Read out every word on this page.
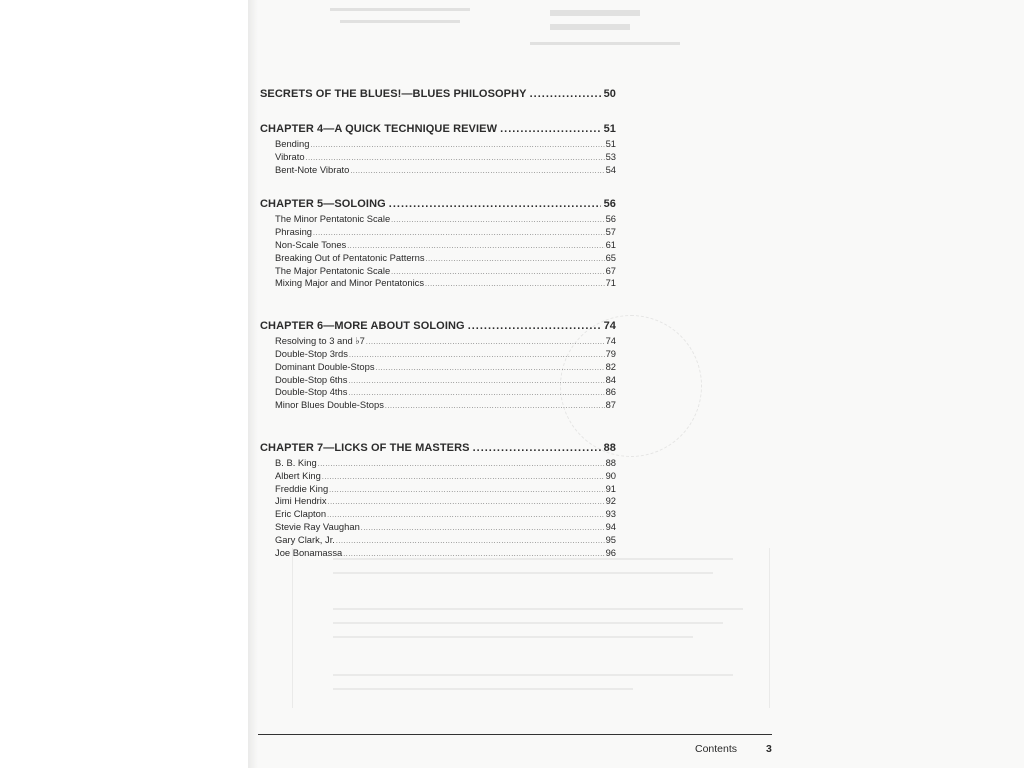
SECRETS OF THE BLUES!—BLUES PHILOSOPHY .....	50
CHAPTER 4—A QUICK TECHNIQUE REVIEW .....	51
Bending .....	51
Vibrato .....	53
Bent-Note Vibrato .....	54
CHAPTER 5—SOLOING .....	56
The Minor Pentatonic Scale .....	56
Phrasing .....	57
Non-Scale Tones .....	61
Breaking Out of Pentatonic Patterns .....	65
The Major Pentatonic Scale .....	67
Mixing Major and Minor Pentatonics .....	71
CHAPTER 6—MORE ABOUT SOLOING .....	74
Resolving to 3 and ♭7 .....	74
Double-Stop 3rds .....	79
Dominant Double-Stops .....	82
Double-Stop 6ths .....	84
Double-Stop 4ths .....	86
Minor Blues Double-Stops .....	87
CHAPTER 7—LICKS OF THE MASTERS .....	88
B. B. King .....	88
Albert King .....	90
Freddie King .....	91
Jimi Hendrix .....	92
Eric Clapton .....	93
Stevie Ray Vaughan .....	94
Gary Clark, Jr. .....	95
Joe Bonamassa .....	96
Contents	3
